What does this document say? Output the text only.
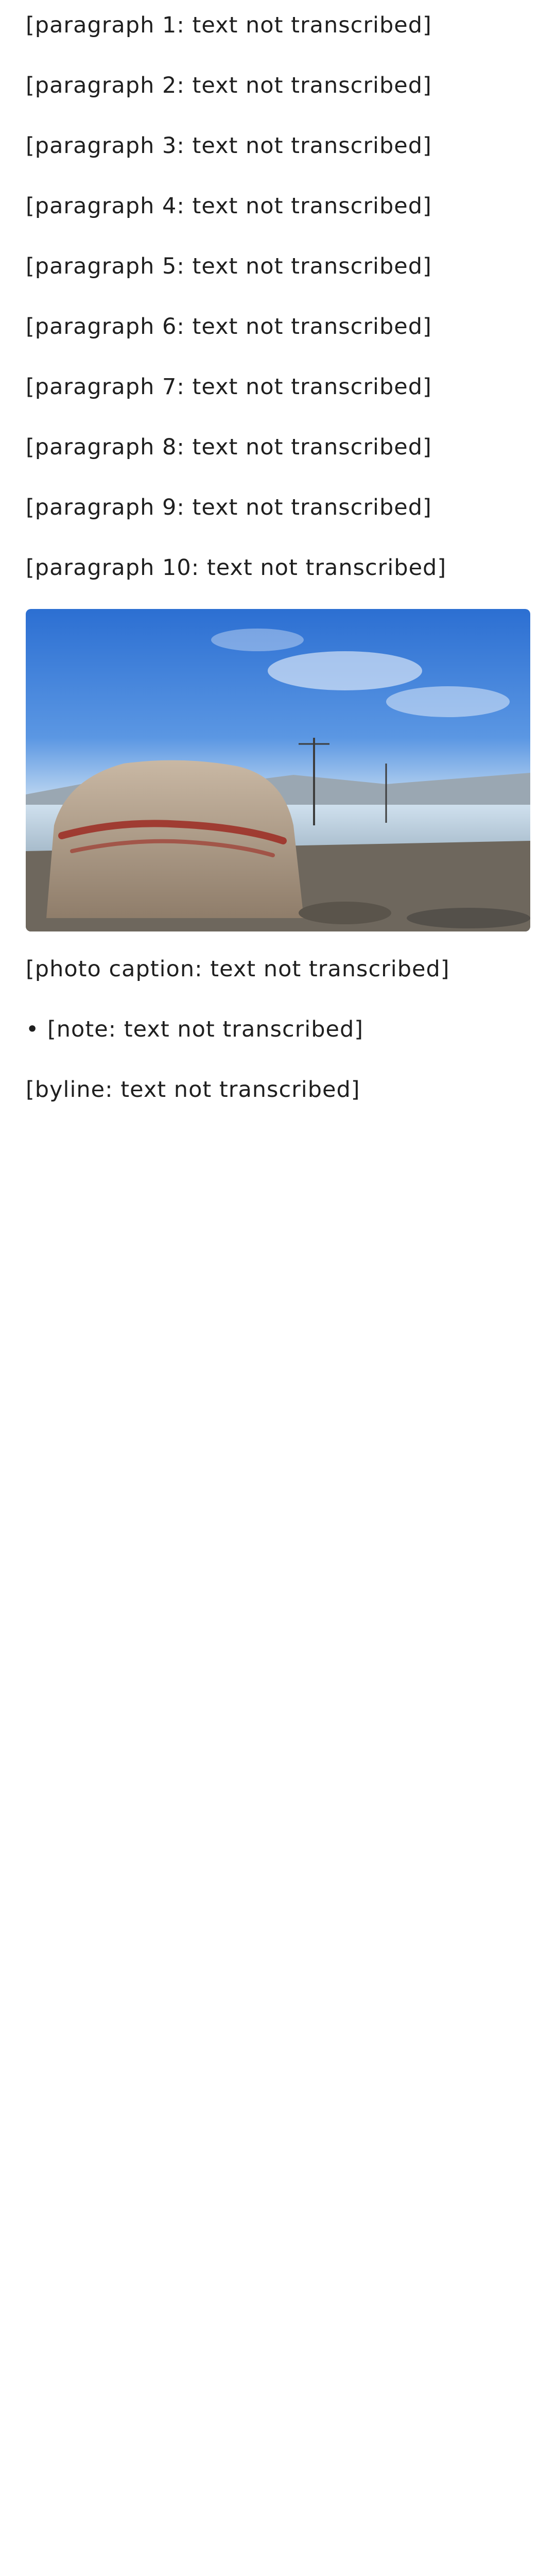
[paragraph 1: text not transcribed]

[paragraph 2: text not transcribed]

[paragraph 3: text not transcribed]

[paragraph 4: text not transcribed]

[paragraph 5: text not transcribed]

[paragraph 6: text not transcribed]

[paragraph 7: text not transcribed]

[paragraph 8: text not transcribed]

[paragraph 9: text not transcribed]

[paragraph 10: text not transcribed]

[photo caption: text not transcribed]

• [note: text not transcribed]

[byline: text not transcribed]
